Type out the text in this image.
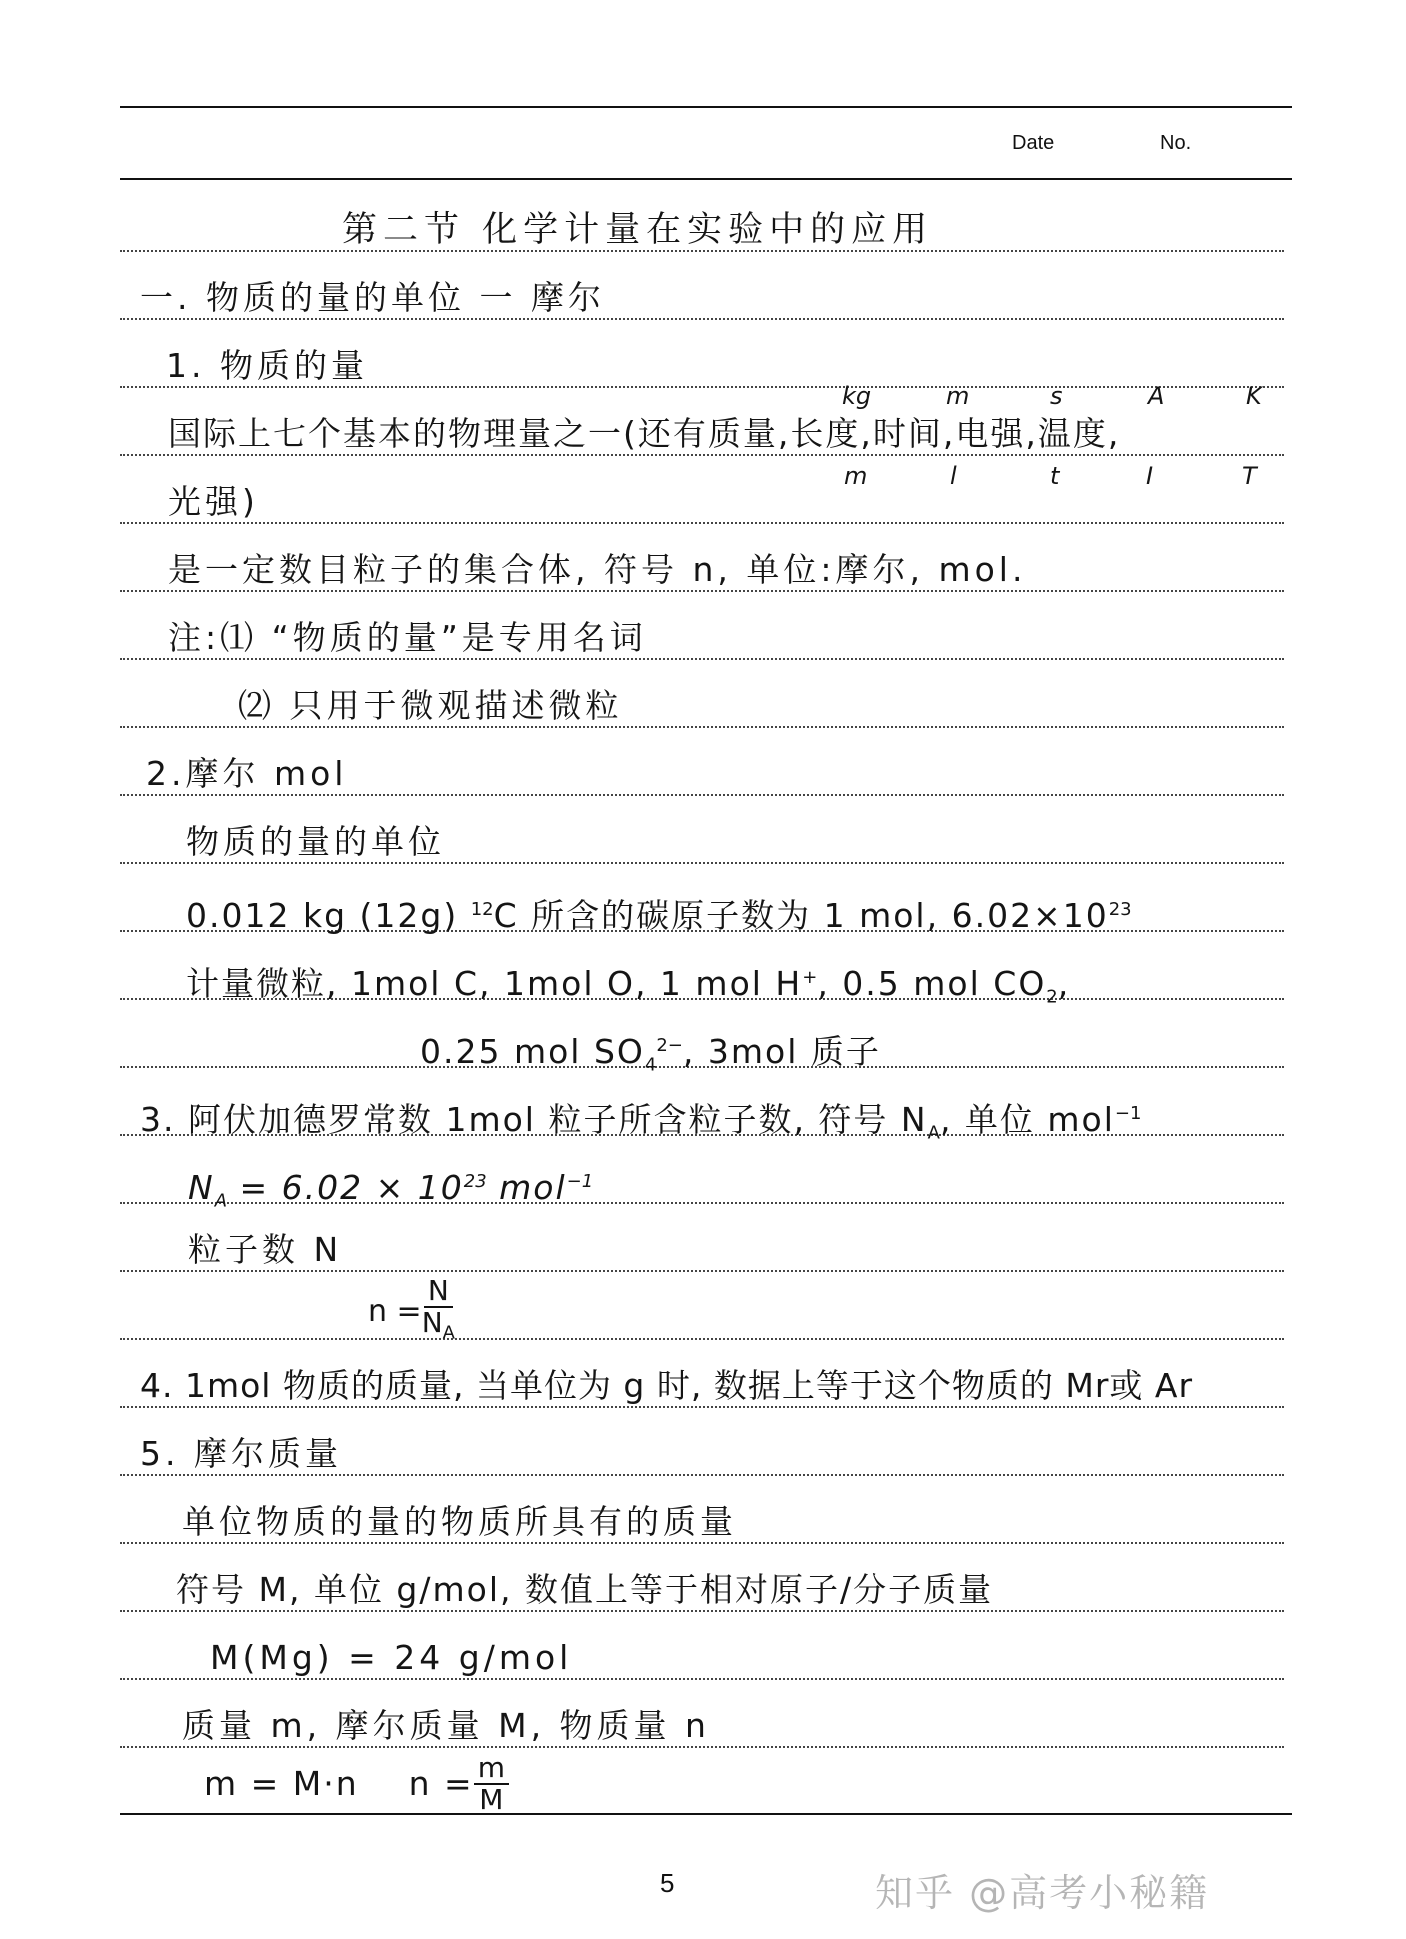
Date	No.
第二节 化学计量在实验中的应用
一. 物质的量的单位 一 摩尔
1. 物质的量
kg	m	s	A	K
国际上七个基本的物理量之一(还有质量,长度,时间,电强,温度,
m	l	t	I	T
光强)
是一定数目粒子的集合体, 符号 n, 单位:摩尔, mol.
注:⑴ “物质的量”是专用名词
⑵ 只用于微观描述微粒
2.摩尔 mol
物质的量的单位
0.012 kg (12g) $^{12}$C 所含的碳原子数为 1 mol, $6.02\times 10^{23}$
计量微粒, 1mol C, 1mol O, 1 mol H+, 0.5 mol $CO_2$,
0.25 mol $SO_4^{2-}$, 3mol 质子
3. 阿伏加德罗常数 1mol 粒子所含粒子数, 符号 $N_A$, 单位 mol$^{-1}$
$N_A = 6.02 \times 10^{23}$ mol$^{-1}$
粒子数 N
$n = \frac{N}{N_A}$
4. 1mol 物质的质量, 当单位为 g 时, 数据上等于这个物质的 Mr或 Ar
5. 摩尔质量
单位物质的量的物质所具有的质量
符号 M, 单位 g/mol, 数值上等于相对原子/分子质量
M(Mg) = 24 g/mol
质量 m, 摩尔质量 M, 物质量 n
m = M·n $n = \frac{m}{M}$
5	知乎 @高考小秘籍
